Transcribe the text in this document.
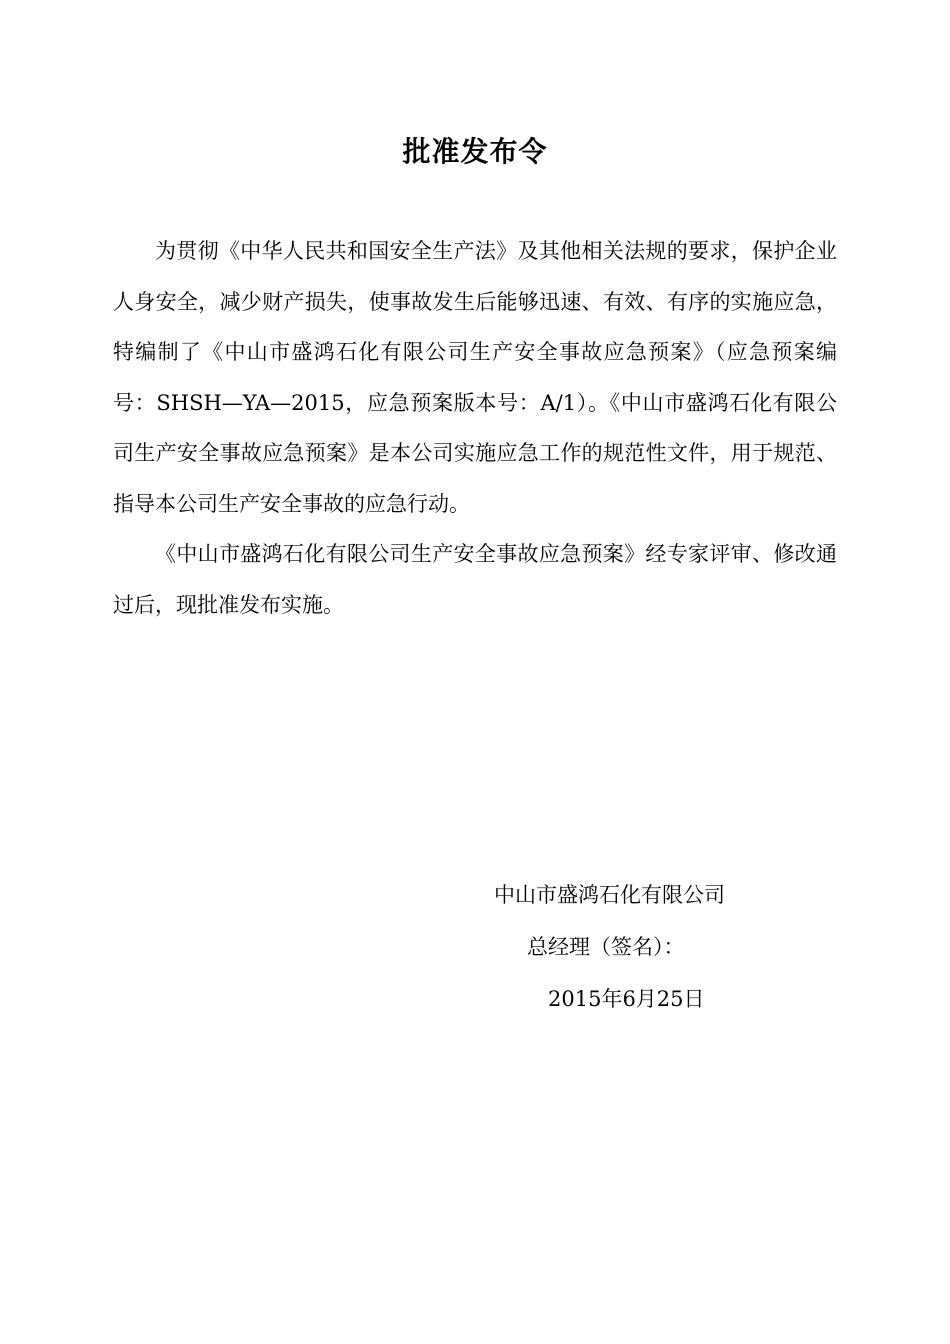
批准发布令

为贯彻《中华人民共和国安全生产法》及其他相关法规的要求，保护企业人身安全，减少财产损失，使事故发生后能够迅速、有效、有序的实施应急，特编制了《中山市盛鸿石化有限公司生产安全事故应急预案》（应急预案编号：SHSH—YA—2015，应急预案版本号：A/1）。《中山市盛鸿石化有限公司生产安全事故应急预案》是本公司实施应急工作的规范性文件，用于规范、指导本公司生产安全事故的应急行动。

《中山市盛鸿石化有限公司生产安全事故应急预案》经专家评审、修改通过后，现批准发布实施。

中山市盛鸿石化有限公司
总经理（签名）：
2015年6月25日
